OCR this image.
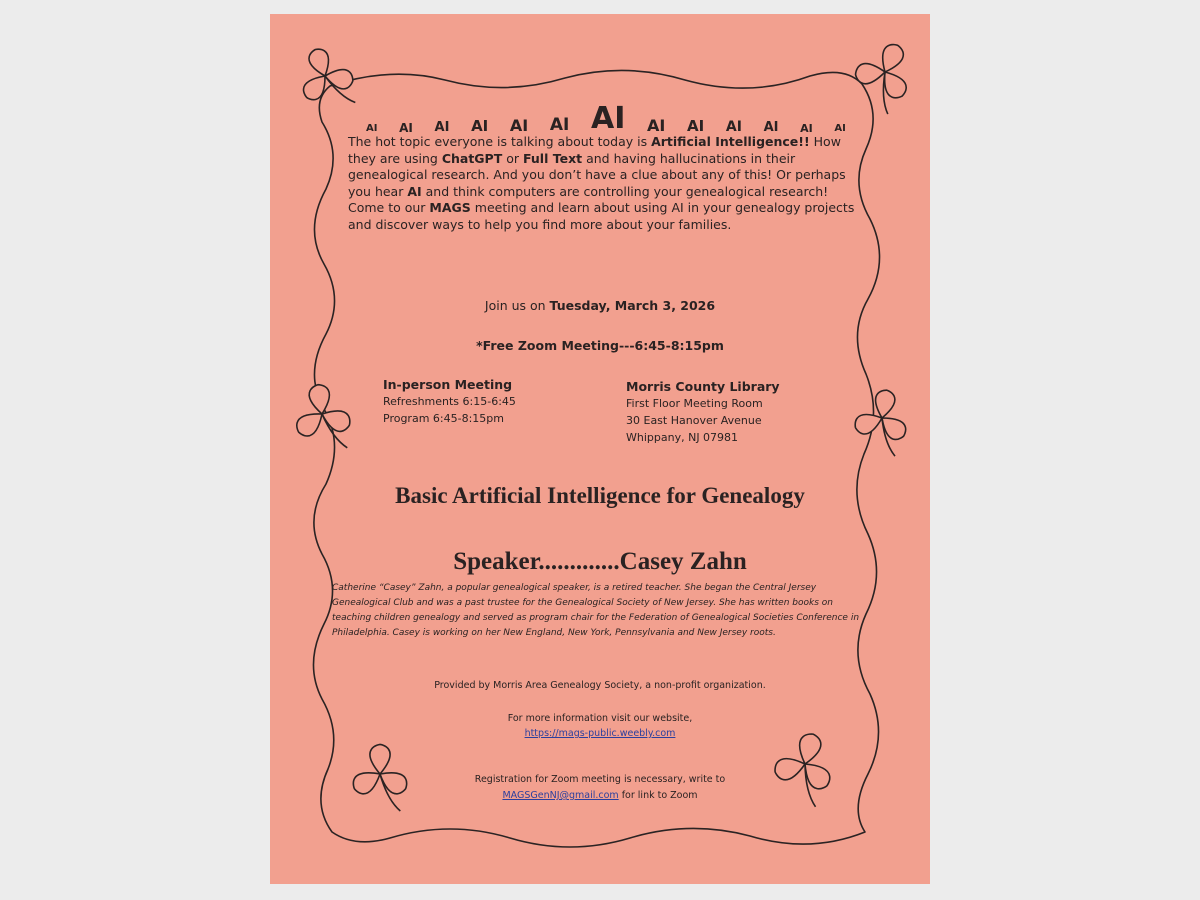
AI AI AI AI AI AI AI AI AI AI AI AI AI
The hot topic everyone is talking about today is Artificial Intelligence!! How they are using ChatGPT or Full Text and having hallucinations in their genealogical research. And you don’t have a clue about any of this! Or perhaps you hear AI and think computers are controlling your genealogical research! Come to our MAGS meeting and learn about using AI in your genealogy projects and discover ways to help you find more about your families.
Join us on Tuesday, March 3, 2026
*Free Zoom Meeting---6:45-8:15pm
In-person Meeting
Refreshments 6:15-6:45
Program 6:45-8:15pm
Morris County Library
First Floor Meeting Room
30 East Hanover Avenue
Whippany, NJ 07981
Basic Artificial Intelligence for Genealogy
Speaker.............Casey Zahn
Catherine “Casey” Zahn, a popular genealogical speaker, is a retired teacher. She began the Central Jersey Genealogical Club and was a past trustee for the Genealogical Society of New Jersey. She has written books on teaching children genealogy and served as program chair for the Federation of Genealogical Societies Conference in Philadelphia. Casey is working on her New England, New York, Pennsylvania and New Jersey roots.
Provided by Morris Area Genealogy Society, a non-profit organization.
For more information visit our website,
https://mags-public.weebly.com
Registration for Zoom meeting is necessary, write to
MAGSGenNJ@gmail.com for link to Zoom
